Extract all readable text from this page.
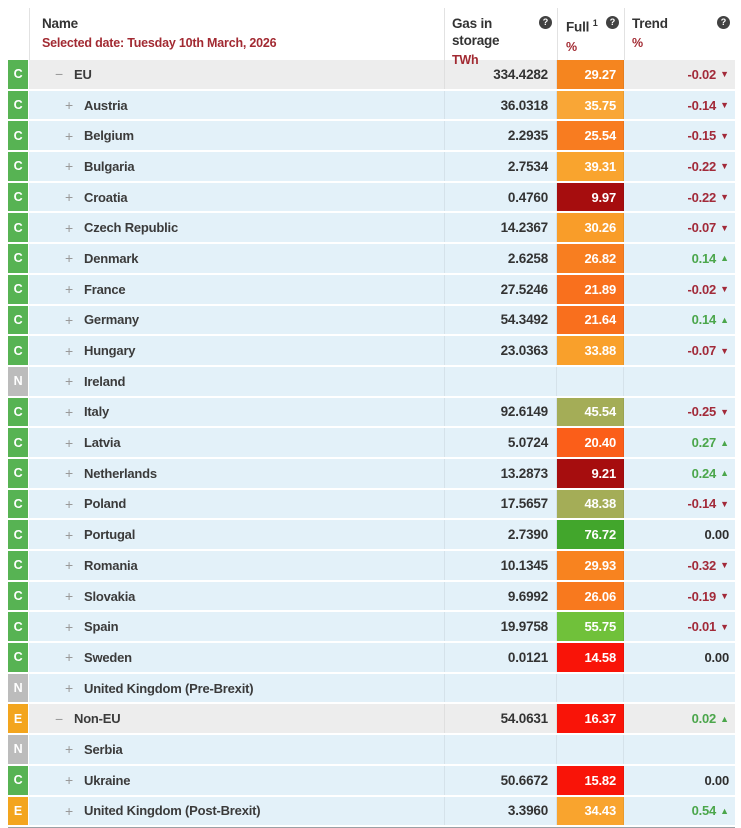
Name
Selected date: Tuesday 10th March, 2026
Gas in storage
?
TWh
Full $^1$	?
%
Trend	?
%
C	− EU	334.4282	29.27	-0.02 ▼
C	+ Austria	36.0318	35.75	-0.14 ▼
C	+ Belgium	2.2935	25.54	-0.15 ▼
C	+ Bulgaria	2.7534	39.31	-0.22 ▼
C	+ Croatia	0.4760	9.97	-0.22 ▼
C	+ Czech Republic	14.2367	30.26	-0.07 ▼
C	+ Denmark	2.6258	26.82	0.14 ▲
C	+ France	27.5246	21.89	-0.02 ▼
C	+ Germany	54.3492	21.64	0.14 ▲
C	+ Hungary	23.0363	33.88	-0.07 ▼
N	+ Ireland
C	+ Italy	92.6149	45.54	-0.25 ▼
C	+ Latvia	5.0724	20.40	0.27 ▲
C	+ Netherlands	13.2873	9.21	0.24 ▲
C	+ Poland	17.5657	48.38	-0.14 ▼
C	+ Portugal	2.7390	76.72	0.00
C	+ Romania	10.1345	29.93	-0.32 ▼
C	+ Slovakia	9.6992	26.06	-0.19 ▼
C	+ Spain	19.9758	55.75	-0.01 ▼
C	+ Sweden	0.0121	14.58	0.00
N	+ United Kingdom (Pre-Brexit)
E	− Non-EU	54.0631	16.37	0.02 ▲
N	+ Serbia
C	+ Ukraine	50.6672	15.82	0.00
E	+ United Kingdom (Post-Brexit)	3.3960	34.43	0.54 ▲
